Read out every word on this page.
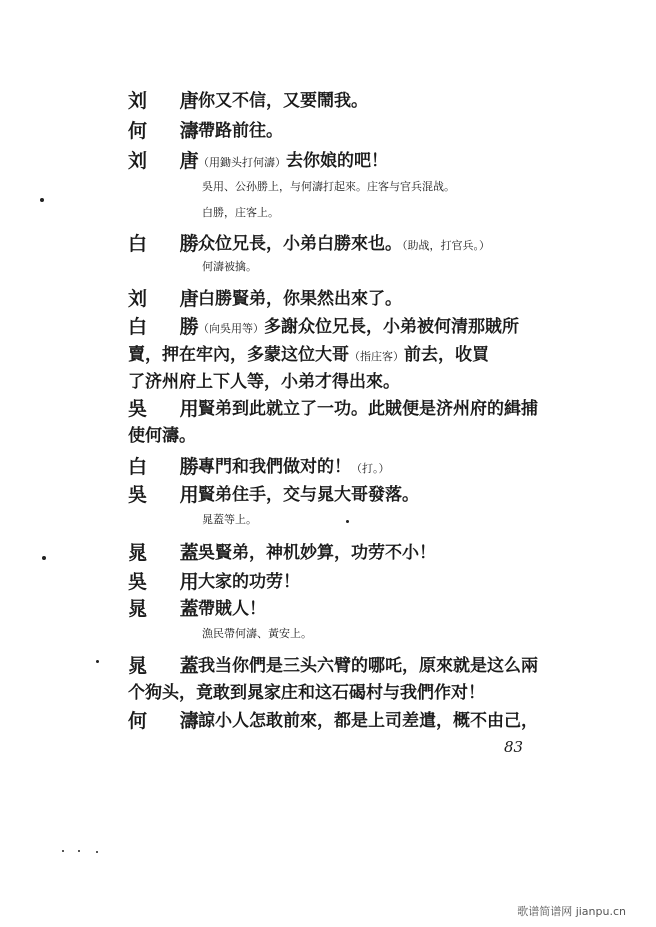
刘 唐
你又不信，又要鬧我。
何 濤
帶路前往。
刘 唐
（用鋤头打何濤）去你娘的吧！
吳用、公孙勝上，与何濤打起來。庄客与官兵混战。
白勝，庄客上。
白 勝
众位兄長，小弟白勝來也。（助战，打官兵。）
何濤被擒。
刘 唐
白勝賢弟，你果然出來了。
白 勝
（向吳用等）多謝众位兄長，小弟被何清那賊所
賣，押在牢內，多蒙这位大哥（指庄客）前去，收買
了济州府上下人等，小弟才得出來。
吳 用
賢弟到此就立了一功。此賊便是济州府的緝捕
使何濤。
白 勝
專門和我們做对的！（打。）
吳 用
賢弟住手，交与晁大哥發落。
晁蓋等上。
晁 蓋
吳賢弟，神机妙算，功劳不小！
吳 用
大家的功劳！
晁 蓋
帶賊人！
漁民帶何濤、黃安上。
晁 蓋
我当你們是三头六臂的哪吒，原來就是这么兩
个狗头，竟敢到晁家庄和这石碣村与我們作对！
何 濤
諒小人怎敢前來，都是上司差遣，概不由己，
83
歌谱简谱网 jianpu.cn
